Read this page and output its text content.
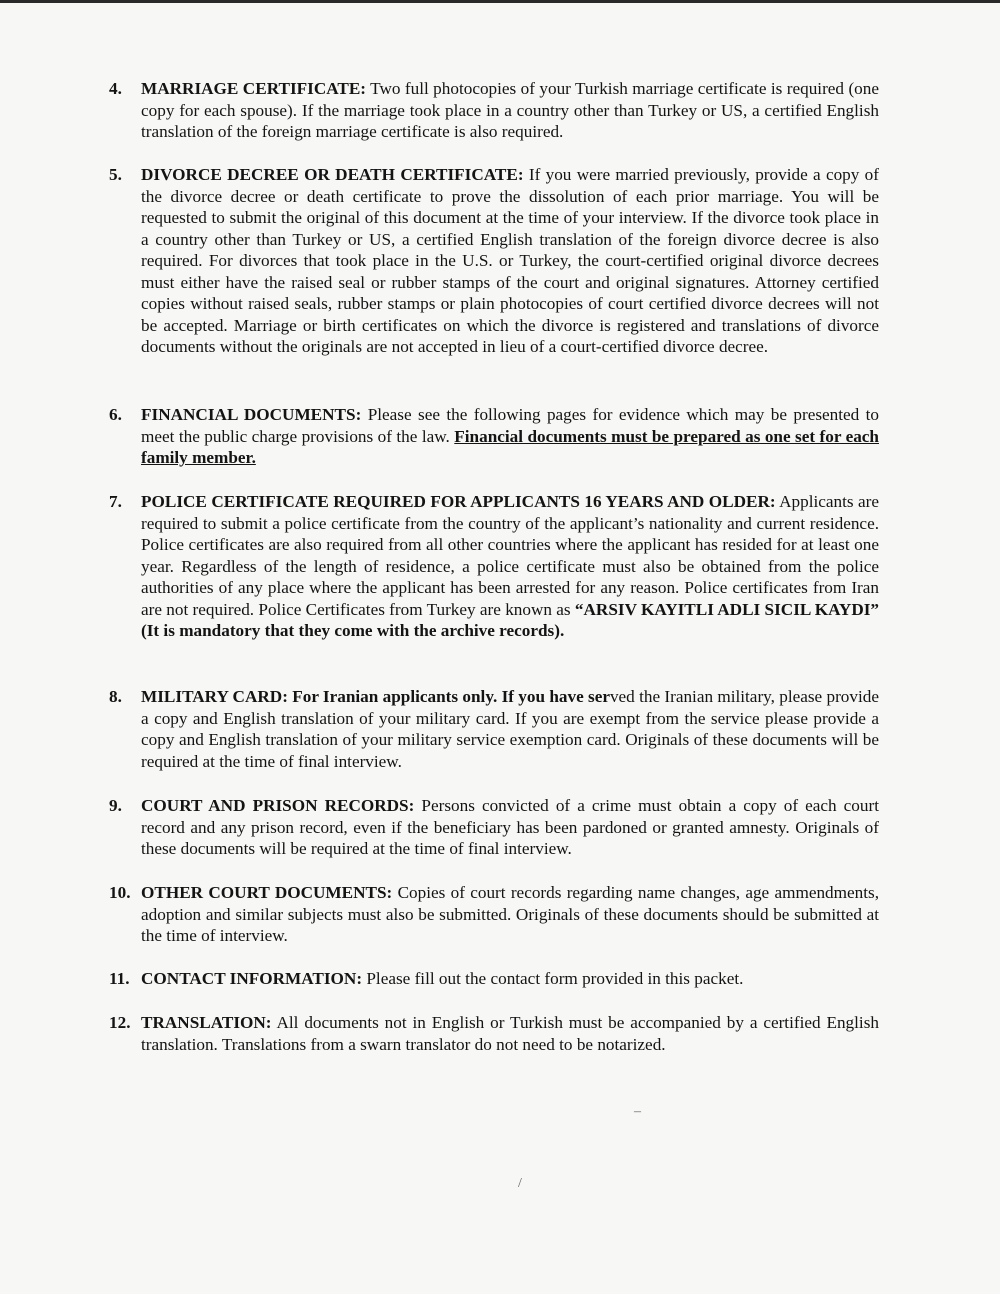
4. MARRIAGE CERTIFICATE: Two full photocopies of your Turkish marriage certificate is required (one copy for each spouse). If the marriage took place in a country other than Turkey or US, a certified English translation of the foreign marriage certificate is also required.
5. DIVORCE DECREE OR DEATH CERTIFICATE: If you were married previously, provide a copy of the divorce decree or death certificate to prove the dissolution of each prior marriage. You will be requested to submit the original of this document at the time of your interview. If the divorce took place in a country other than Turkey or US, a certified English translation of the foreign divorce decree is also required. For divorces that took place in the U.S. or Turkey, the court-certified original divorce decrees must either have the raised seal or rubber stamps of the court and original signatures. Attorney certified copies without raised seals, rubber stamps or plain photocopies of court certified divorce decrees will not be accepted. Marriage or birth certificates on which the divorce is registered and translations of divorce documents without the originals are not accepted in lieu of a court-certified divorce decree.
6. FINANCIAL DOCUMENTS: Please see the following pages for evidence which may be presented to meet the public charge provisions of the law. Financial documents must be prepared as one set for each family member.
7. POLICE CERTIFICATE REQUIRED FOR APPLICANTS 16 YEARS AND OLDER: Applicants are required to submit a police certificate from the country of the applicant’s nationality and current residence. Police certificates are also required from all other countries where the applicant has resided for at least one year. Regardless of the length of residence, a police certificate must also be obtained from the police authorities of any place where the applicant has been arrested for any reason. Police certificates from Iran are not required. Police Certificates from Turkey are known as “ARSIV KAYITLI ADLI SICIL KAYDI” (It is mandatory that they come with the archive records).
8. MILITARY CARD: For Iranian applicants only. If you have served the Iranian military, please provide a copy and English translation of your military card. If you are exempt from the service please provide a copy and English translation of your military service exemption card. Originals of these documents will be required at the time of final interview.
9. COURT AND PRISON RECORDS: Persons convicted of a crime must obtain a copy of each court record and any prison record, even if the beneficiary has been pardoned or granted amnesty. Originals of these documents will be required at the time of final interview.
10. OTHER COURT DOCUMENTS: Copies of court records regarding name changes, age ammendments, adoption and similar subjects must also be submitted. Originals of these documents should be submitted at the time of interview.
11. CONTACT INFORMATION: Please fill out the contact form provided in this packet.
12. TRANSLATION: All documents not in English or Turkish must be accompanied by a certified English translation. Translations from a swarn translator do not need to be notarized.
–
/
